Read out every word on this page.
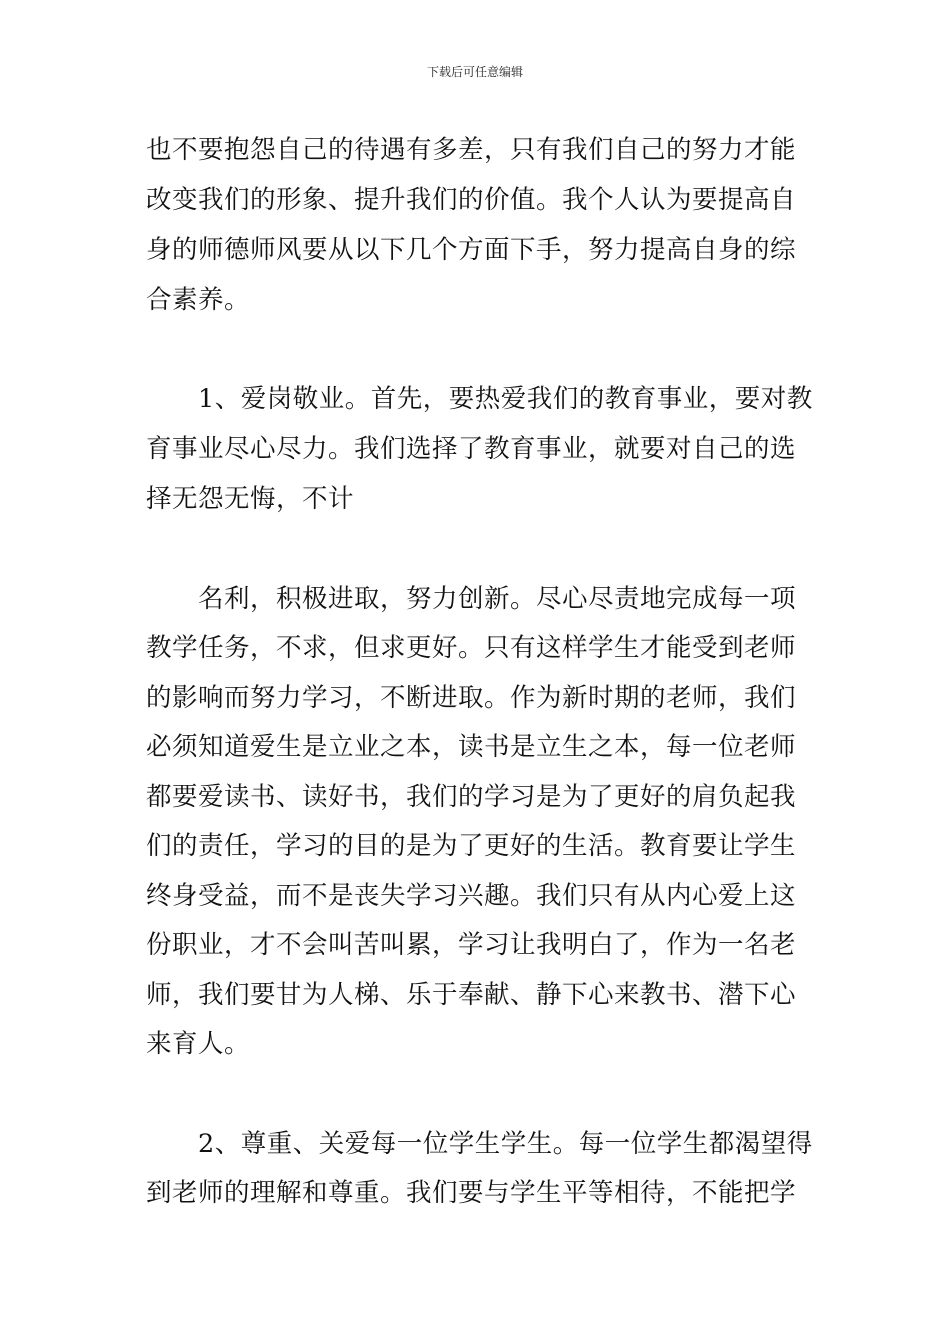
下载后可任意编辑
也不要抱怨自己的待遇有多差，只有我们自己的努力才能
改变我们的形象、提升我们的价值。我个人认为要提高自
身的师德师风要从以下几个方面下手，努力提高自身的综
合素养。
　　1、爱岗敬业。首先，要热爱我们的教育事业，要对教
育事业尽心尽力。我们选择了教育事业，就要对自己的选
择无怨无悔，不计
　　名利，积极进取，努力创新。尽心尽责地完成每一项
教学任务，不求，但求更好。只有这样学生才能受到老师
的影响而努力学习，不断进取。作为新时期的老师，我们
必须知道爱生是立业之本，读书是立生之本，每一位老师
都要爱读书、读好书，我们的学习是为了更好的肩负起我
们的责任，学习的目的是为了更好的生活。教育要让学生
终身受益，而不是丧失学习兴趣。我们只有从内心爱上这
份职业，才不会叫苦叫累，学习让我明白了，作为一名老
师，我们要甘为人梯、乐于奉献、静下心来教书、潜下心
来育人。
　　2、尊重、关爱每一位学生学生。每一位学生都渴望得
到老师的理解和尊重。我们要与学生平等相待，不能把学
